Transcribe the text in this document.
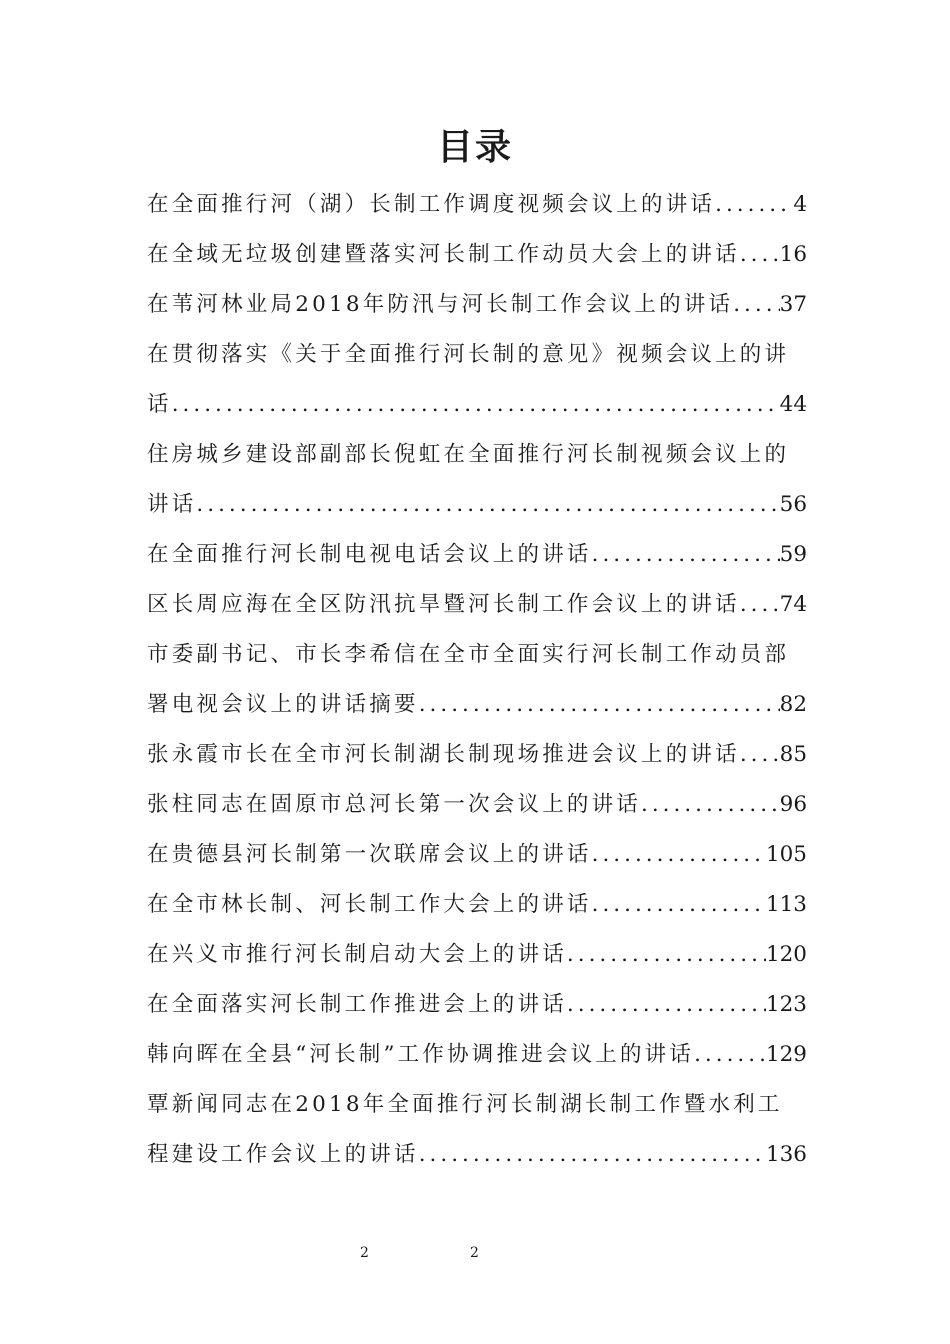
目录
在全面推行河（湖）长制工作调度视频会议上的讲话 .....	4
在全域无垃圾创建暨落实河长制工作动员大会上的讲话 ..... 16
在苇河林业局2018年防汛与河长制工作会议上的讲话 ..... 37
在贯彻落实《关于全面推行河长制的意见》视频会议上的讲
话 .....	44
住房城乡建设部副部长倪虹在全面推行河长制视频会议上的
讲话 .....	56
在全面推行河长制电视电话会议上的讲话 .....	59
区长周应海在全区防汛抗旱暨河长制工作会议上的讲话 ..... 74
市委副书记、市长李希信在全市全面实行河长制工作动员部
署电视会议上的讲话摘要 .....	82
张永霞市长在全市河长制湖长制现场推进会议上的讲话 ..... 85
张柱同志在固原市总河长第一次会议上的讲话 .....	96
在贵德县河长制第一次联席会议上的讲话 .....	105
在全市林长制、河长制工作大会上的讲话 .....	113
在兴义市推行河长制启动大会上的讲话 .....	120
在全面落实河长制工作推进会上的讲话 .....	123
韩向晖在全县“河长制”工作协调推进会议上的讲话 .....	129
覃新闻同志在2018年全面推行河长制湖长制工作暨水利工
程建设工作会议上的讲话 .....	136
2	2
